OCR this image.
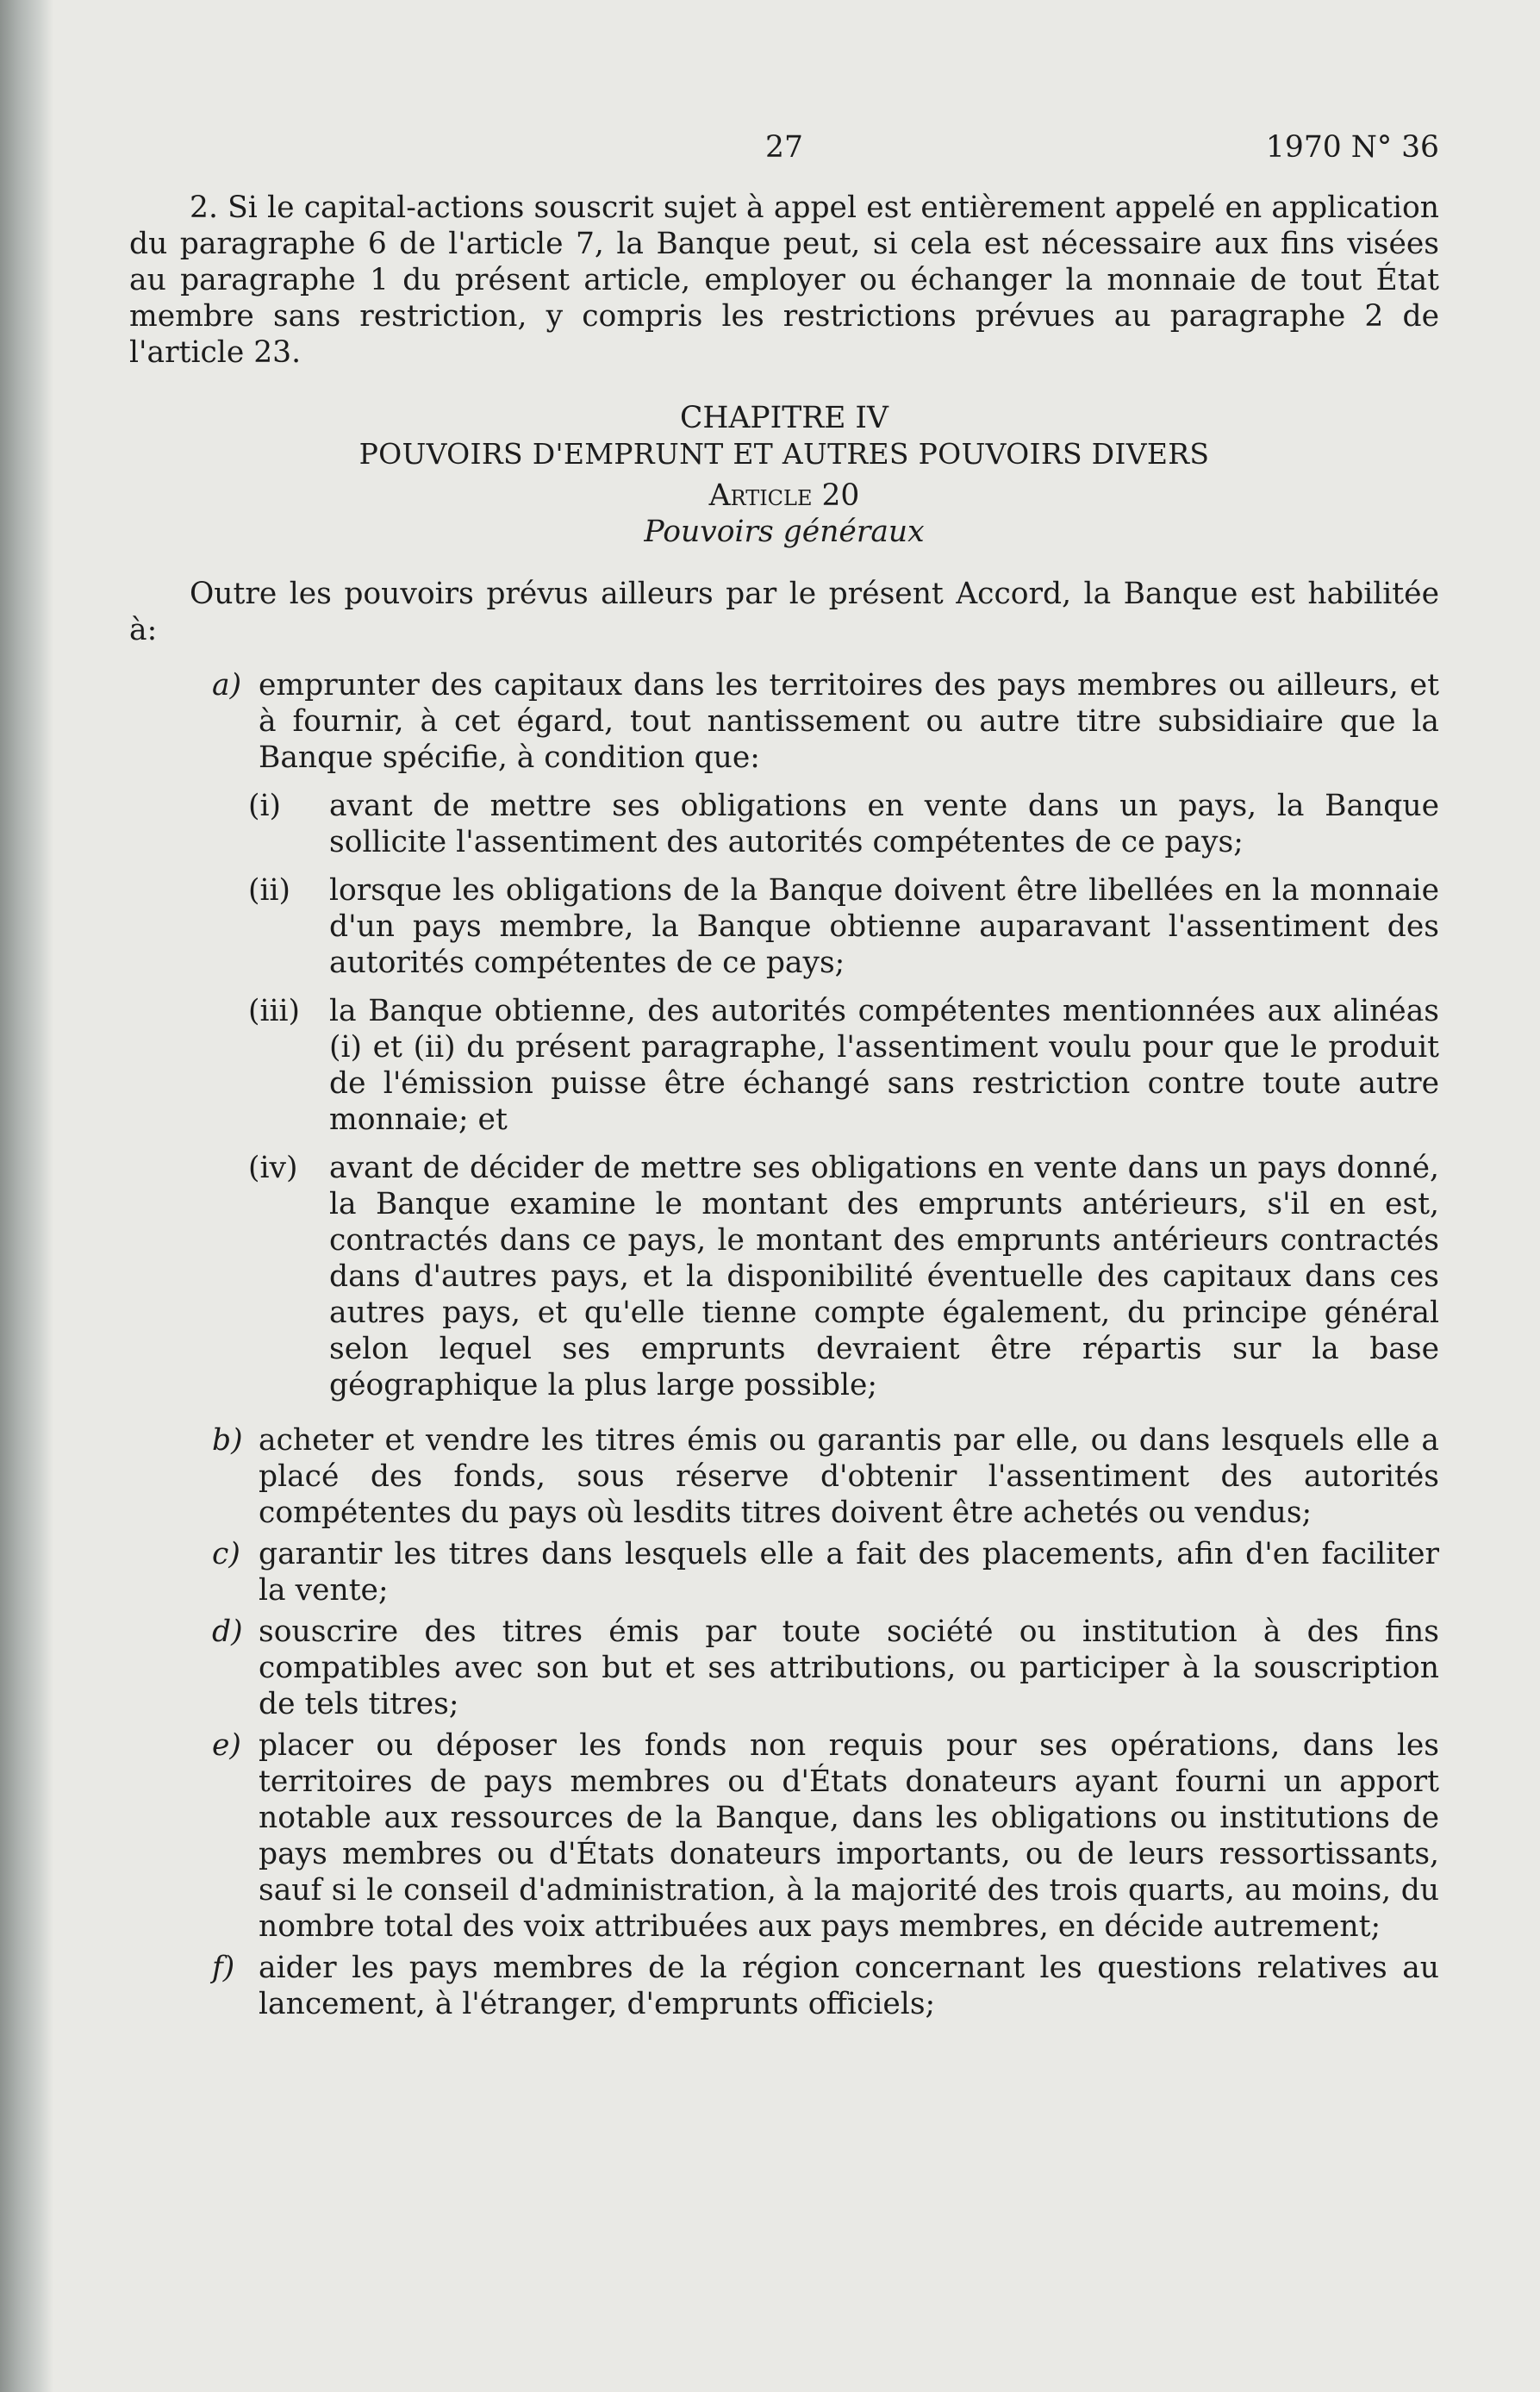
27	1970 N° 36

2. Si le capital-actions souscrit sujet à appel est entièrement appelé en application du paragraphe 6 de l'article 7, la Banque peut, si cela est nécessaire aux fins visées au paragraphe 1 du présent article, employer ou échanger la monnaie de tout État membre sans restriction, y compris les restrictions prévues au paragraphe 2 de l'article 23.

CHAPITRE IV

POUVOIRS D'EMPRUNT ET AUTRES POUVOIRS DIVERS

Article 20

Pouvoirs généraux

Outre les pouvoirs prévus ailleurs par le présent Accord, la Banque est habilitée à:

a) emprunter des capitaux dans les territoires des pays membres ou ailleurs, et à fournir, à cet égard, tout nantissement ou autre titre subsidiaire que la Banque spécifie, à condition que:
(i) avant de mettre ses obligations en vente dans un pays, la Banque sollicite l'assentiment des autorités compétentes de ce pays;
(ii) lorsque les obligations de la Banque doivent être libellées en la monnaie d'un pays membre, la Banque obtienne auparavant l'assentiment des autorités compétentes de ce pays;
(iii) la Banque obtienne, des autorités compétentes mentionnées aux alinéas (i) et (ii) du présent paragraphe, l'assentiment voulu pour que le produit de l'émission puisse être échangé sans restriction contre toute autre monnaie; et
(iv) avant de décider de mettre ses obligations en vente dans un pays donné, la Banque examine le montant des emprunts antérieurs, s'il en est, contractés dans ce pays, le montant des emprunts antérieurs contractés dans d'autres pays, et la disponibilité éventuelle des capitaux dans ces autres pays, et qu'elle tienne compte également, du principe général selon lequel ses emprunts devraient être répartis sur la base géographique la plus large possible;
b) acheter et vendre les titres émis ou garantis par elle, ou dans lesquels elle a placé des fonds, sous réserve d'obtenir l'assentiment des autorités compétentes du pays où lesdits titres doivent être achetés ou vendus;
c) garantir les titres dans lesquels elle a fait des placements, afin d'en faciliter la vente;
d) souscrire des titres émis par toute société ou institution à des fins compatibles avec son but et ses attributions, ou participer à la souscription de tels titres;
e) placer ou déposer les fonds non requis pour ses opérations, dans les territoires de pays membres ou d'États donateurs ayant fourni un apport notable aux ressources de la Banque, dans les obligations ou institutions de pays membres ou d'États donateurs importants, ou de leurs ressortissants, sauf si le conseil d'administration, à la majorité des trois quarts, au moins, du nombre total des voix attribuées aux pays membres, en décide autrement;
f) aider les pays membres de la région concernant les questions relatives au lancement, à l'étranger, d'emprunts officiels;
